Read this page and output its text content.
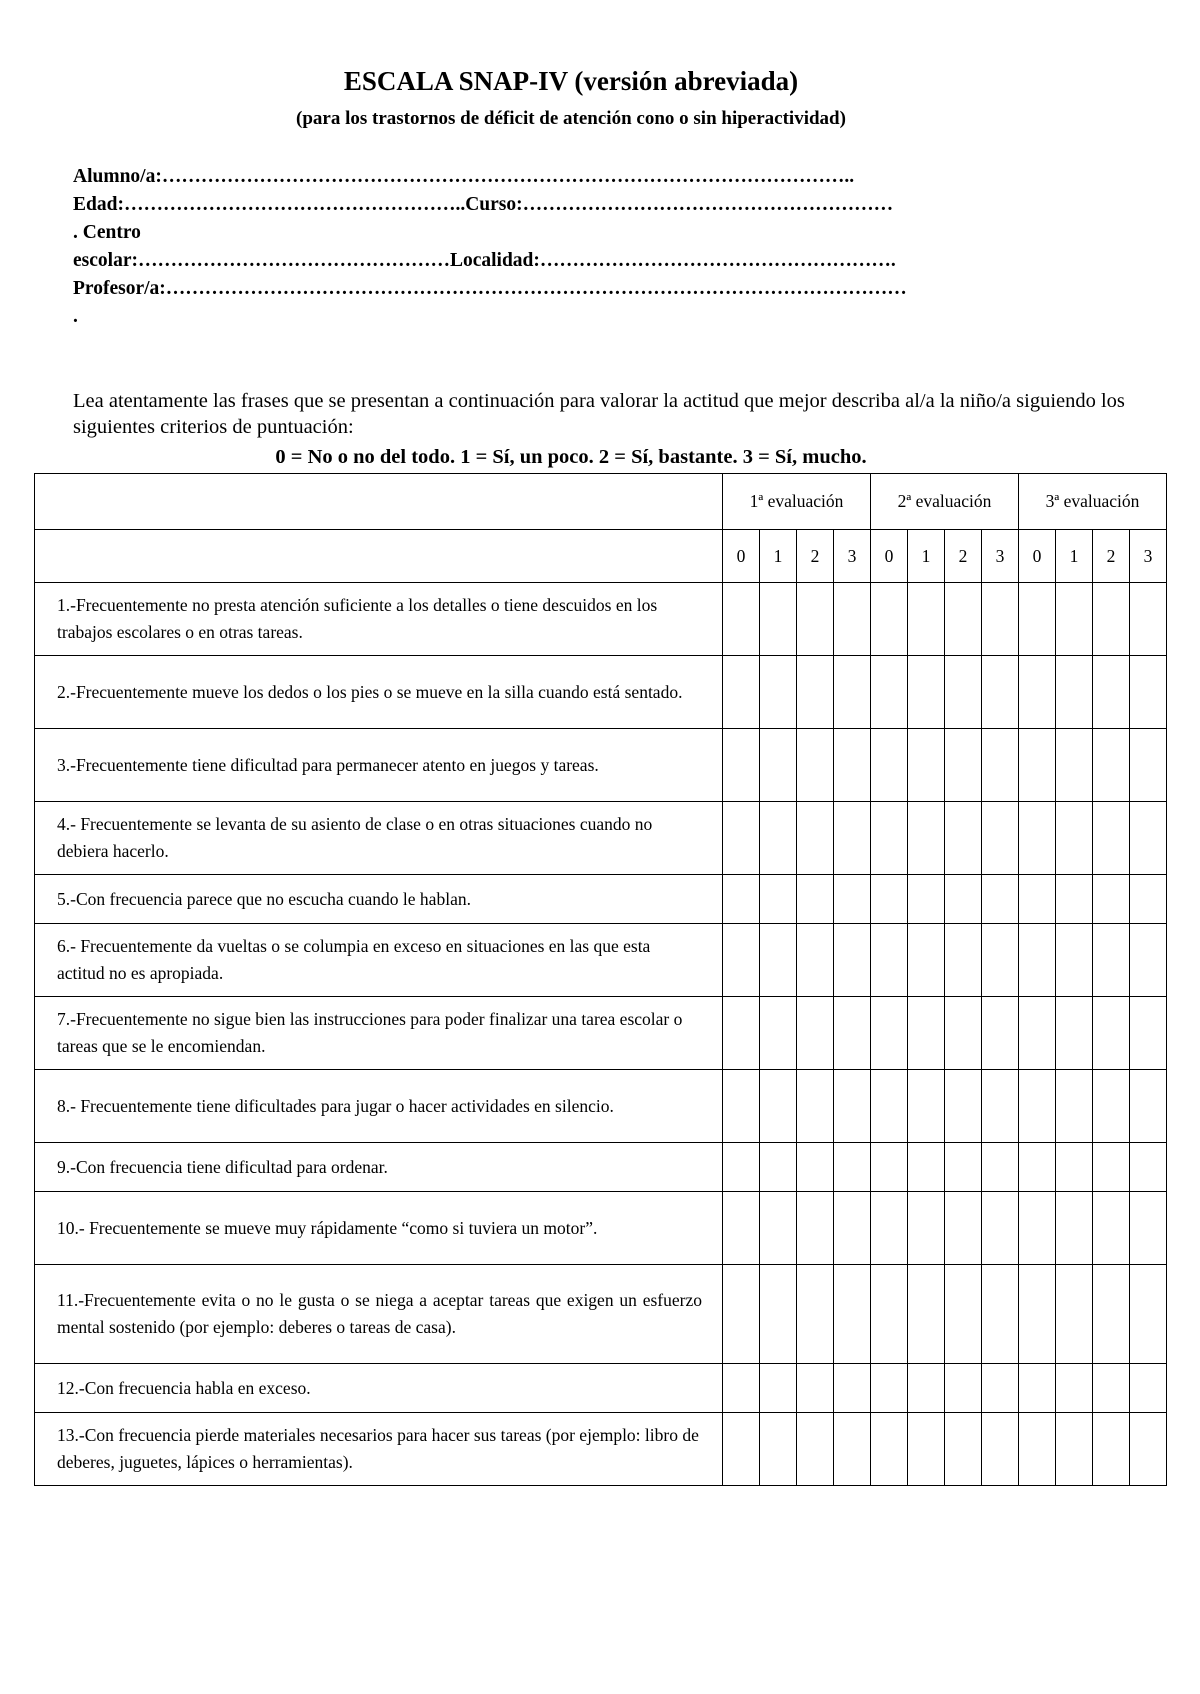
ESCALA SNAP-IV (versión abreviada)
(para los trastornos de déficit de atención cono o sin hiperactividad)
Alumno/a:……………………………………………………………………………………………..
Edad:……………………………………………..Curso:…………………………………………………
. Centro
escolar:…………………………………………Localidad:……………………………………………….
Profesor/a:……………………………………………………………………………………………………
.
Lea atentamente las frases que se presentan a continuación para valorar la actitud que mejor describa al/a la niño/a siguiendo los siguientes criterios de puntuación:
0 = No o no del todo. 1 = Sí, un poco. 2 = Sí, bastante. 3 = Sí, mucho.
	1ª evaluación				2ª evaluación				3ª evaluación			
	0	1	2	3	0	1	2	3	0	1	2	3
1.-Frecuentemente no presta atención suficiente a los detalles o tiene descuidos en los trabajos escolares o en otras tareas.												
2.-Frecuentemente mueve los dedos o los pies o se mueve en la silla cuando está sentado.												
3.-Frecuentemente tiene dificultad para permanecer atento en juegos y tareas.												
4.- Frecuentemente se levanta de su asiento de clase o en otras situaciones cuando no debiera hacerlo.												
5.-Con frecuencia parece que no escucha cuando le hablan.												
6.- Frecuentemente da vueltas o se columpia en exceso en situaciones en las que esta actitud no es apropiada.												
7.-Frecuentemente no sigue bien las instrucciones para poder finalizar una tarea escolar o tareas que se le encomiendan.												
8.- Frecuentemente tiene dificultades para jugar o hacer actividades en silencio.												
9.-Con frecuencia tiene dificultad para ordenar.												
10.- Frecuentemente se mueve muy rápidamente “como si tuviera un motor”.												
11.-Frecuentemente evita o no le gusta o se niega a aceptar tareas que exigen un esfuerzo mental sostenido (por ejemplo: deberes o tareas de casa).												
12.-Con frecuencia habla en exceso.												
13.-Con frecuencia pierde materiales necesarios para hacer sus tareas (por ejemplo: libro de deberes, juguetes, lápices o herramientas).												
